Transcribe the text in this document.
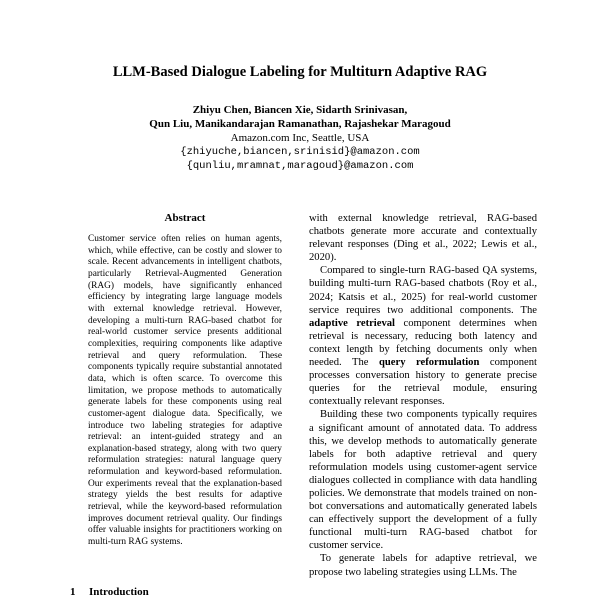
LLM-Based Dialogue Labeling for Multiturn Adaptive RAG
Zhiyu Chen, Biancen Xie, Sidarth Srinivasan,
Qun Liu, Manikandarajan Ramanathan, Rajashekar Maragoud
Amazon.com Inc, Seattle, USA
{zhiyuche,biancen,srinisid}@amazon.com
{qunliu,mramnat,maragoud}@amazon.com
Abstract

Customer service often relies on human agents, which, while effective, can be costly and slower to scale. Recent advancements in intelligent chatbots, particularly Retrieval-Augmented Generation (RAG) models, have significantly enhanced efficiency by integrating large language models with external knowledge retrieval. However, developing a multi-turn RAG-based chatbot for real-world customer service presents additional complexities, requiring components like adaptive retrieval and query reformulation. These components typically require substantial annotated data, which is often scarce. To overcome this limitation, we propose methods to automatically generate labels for these components using real customer-agent dialogue data. Specifically, we introduce two labeling strategies for adaptive retrieval: an intent-guided strategy and an explanation-based strategy, along with two query reformulation strategies: natural language query reformulation and keyword-based reformulation. Our experiments reveal that the explanation-based strategy yields the best results for adaptive retrieval, while the keyword-based reformulation improves document retrieval quality. Our findings offer valuable insights for practitioners working on multi-turn RAG systems.

with external knowledge retrieval, RAG-based chatbots generate more accurate and contextually relevant responses (Ding et al., 2022; Lewis et al., 2020).

Compared to single-turn RAG-based QA systems, building multi-turn RAG-based chatbots (Roy et al., 2024; Katsis et al., 2025) for real-world customer service requires two additional components. The adaptive retrieval component determines when retrieval is necessary, reducing both latency and context length by fetching documents only when needed. The query reformulation component processes conversation history to generate precise queries for the retrieval module, ensuring contextually relevant responses.

Building these two components typically requires a significant amount of annotated data. To address this, we develop methods to automatically generate labels for both adaptive retrieval and query reformulation models using customer-agent service dialogues collected in compliance with data handling policies. We demonstrate that models trained on non-bot conversations and automatically generated labels can effectively support the development of a fully functional multi-turn RAG-based chatbot for customer service.

To generate labels for adaptive retrieval, we propose two labeling strategies using LLMs. The

1 Introduction
